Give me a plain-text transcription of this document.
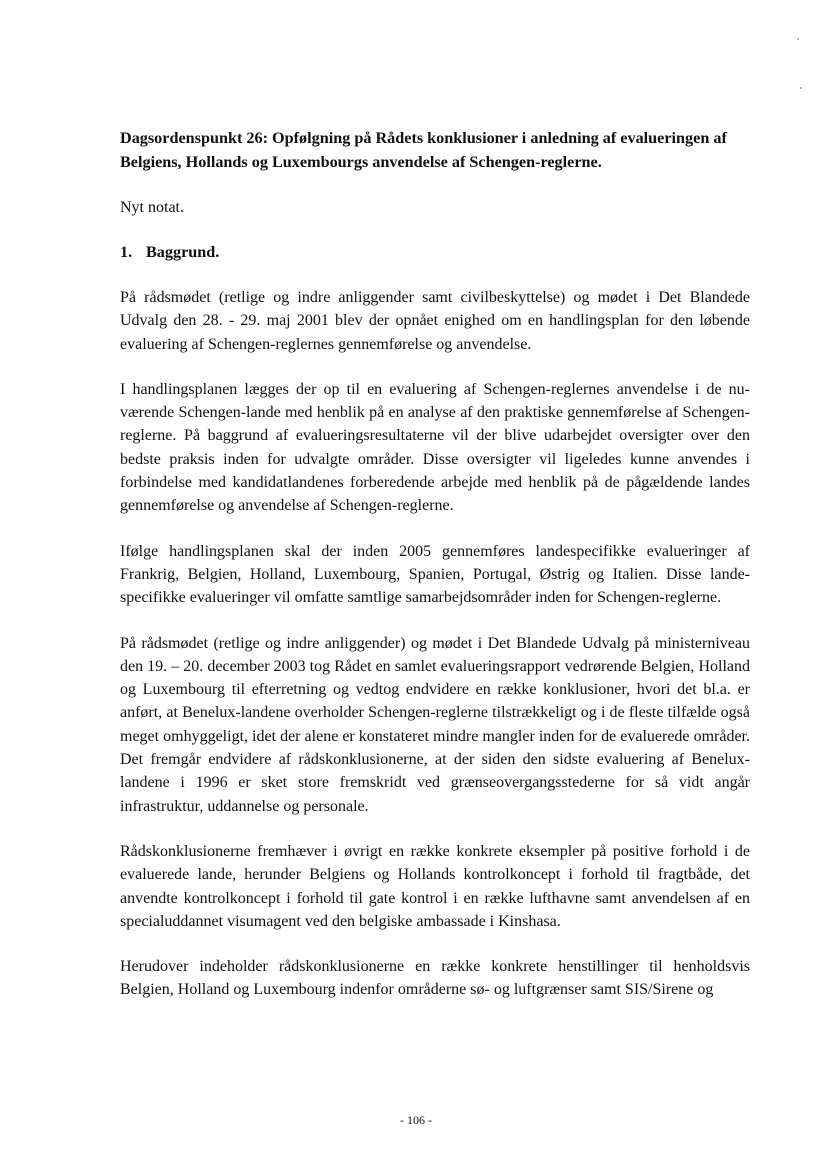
Dagsordenspunkt 26: Opfølgning på Rådets konklusioner i anledning af evalueringen af Belgiens, Hollands og Luxembourgs anvendelse af Schengen-reglerne.

Nyt notat.

1. Baggrund.

På rådsmødet (retlige og indre anliggender samt civilbeskyttelse) og mødet i Det Blandede Udvalg den 28. - 29. maj 2001 blev der opnået enighed om en handlingsplan for den løbende evaluering af Schengen-reglernes gennemførelse og anvendelse.

I handlingsplanen lægges der op til en evaluering af Schengen-reglernes anvendelse i de nuværende Schengen-lande med henblik på en analyse af den praktiske gennemførelse af Schengen-reglerne. På baggrund af evalueringsresultaterne vil der blive udarbejdet oversigter over den bedste praksis inden for udvalgte områder. Disse oversigter vil ligeledes kunne anvendes i forbindelse med kandidatlandenes forberedende arbejde med henblik på de pågældende landes gennemførelse og anvendelse af Schengen-reglerne.

Ifølge handlingsplanen skal der inden 2005 gennemføres landespecifikke evalueringer af Frankrig, Belgien, Holland, Luxembourg, Spanien, Portugal, Østrig og Italien. Disse landespecifikke evalueringer vil omfatte samtlige samarbejdsområder inden for Schengen-reglerne.

På rådsmødet (retlige og indre anliggender) og mødet i Det Blandede Udvalg på ministerniveau den 19. – 20. december 2003 tog Rådet en samlet evalueringsrapport vedrørende Belgien, Holland og Luxembourg til efterretning og vedtog endvidere en række konklusioner, hvori det bl.a. er anført, at Benelux-landene overholder Schengen-reglerne tilstrækkeligt og i de fleste tilfælde også meget omhyggeligt, idet der alene er konstateret mindre mangler inden for de evaluerede områder. Det fremgår endvidere af rådskonklusionerne, at der siden den sidste evaluering af Benelux-landene i 1996 er sket store fremskridt ved grænseovergangsstederne for så vidt angår infrastruktur, uddannelse og personale.

Rådskonklusionerne fremhæver i øvrigt en række konkrete eksempler på positive forhold i de evaluerede lande, herunder Belgiens og Hollands kontrolkoncept i forhold til fragtbåde, det anvendte kontrolkoncept i forhold til gate kontrol i en række lufthavne samt anvendelsen af en specialuddannet visumagent ved den belgiske ambassade i Kinshasa.

Herudover indeholder rådskonklusionerne en række konkrete henstillinger til henholdsvis Belgien, Holland og Luxembourg indenfor områderne sø- og luftgrænser samt SIS/Sirene og

- 106 -
